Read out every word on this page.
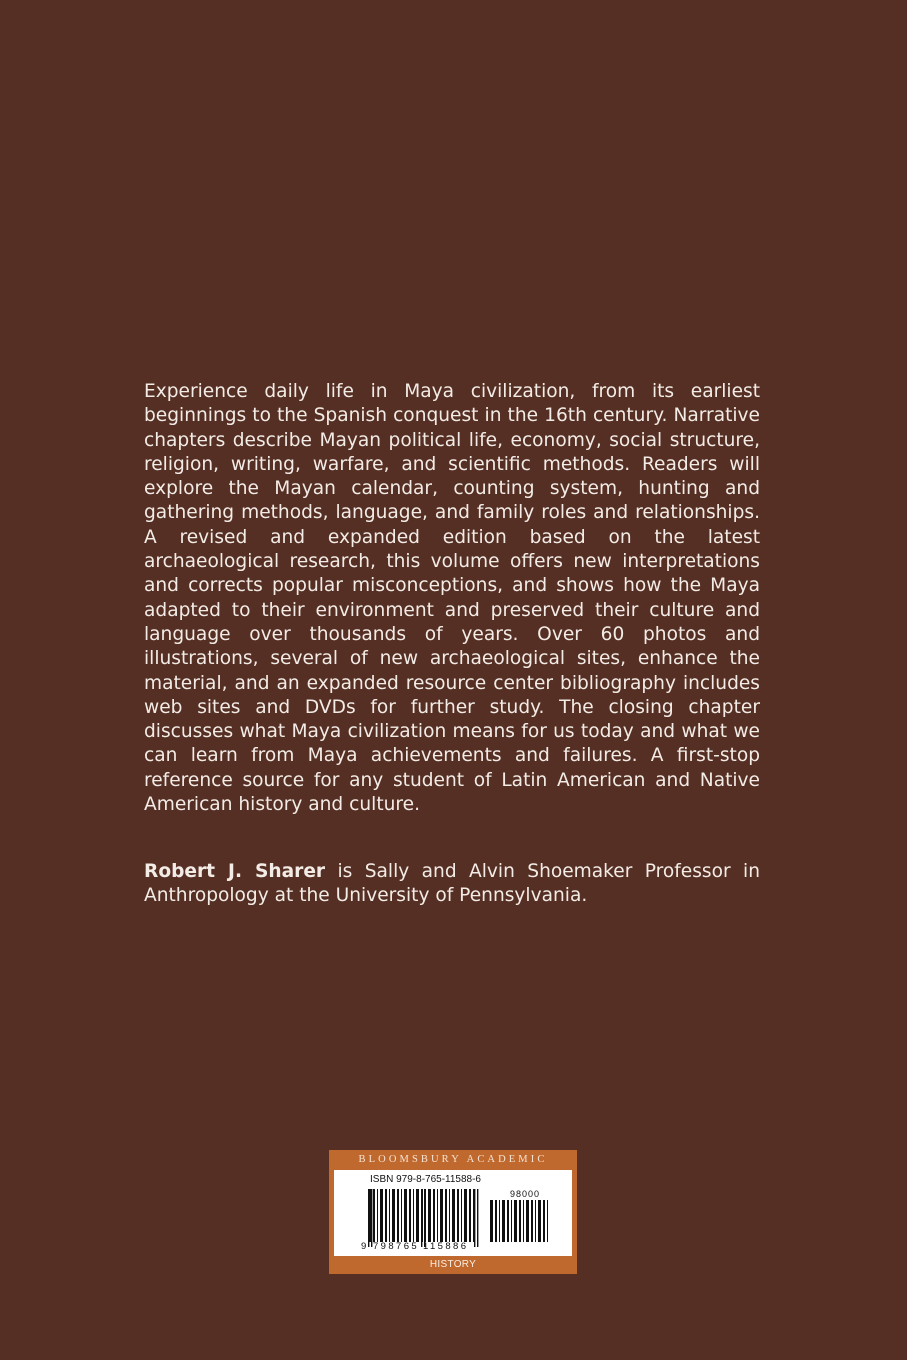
Experience daily life in Maya civilization, from its earliest beginnings to the Spanish conquest in the 16th century. Narrative chapters describe Mayan political life, economy, social structure, religion, writing, warfare, and scientific methods. Readers will explore the Mayan calendar, counting system, hunting and gathering methods, language, and family roles and relationships. A revised and expanded edition based on the latest archaeological research, this volume offers new interpretations and corrects popular misconceptions, and shows how the Maya adapted to their environment and preserved their culture and language over thousands of years. Over 60 photos and illustrations, several of new archaeological sites, enhance the material, and an expanded resource center bibliography includes web sites and DVDs for further study. The closing chapter discusses what Maya civilization means for us today and what we can learn from Maya achievements and failures. A first-stop reference source for any student of Latin American and Native American history and culture.

Robert J. Sharer is Sally and Alvin Shoemaker Professor in Anthropology at the University of Pennsylvania.

BLOOMSBURY ACADEMIC
ISBN 979-8-765-11588-6
98000
9 798765 115886
HISTORY
